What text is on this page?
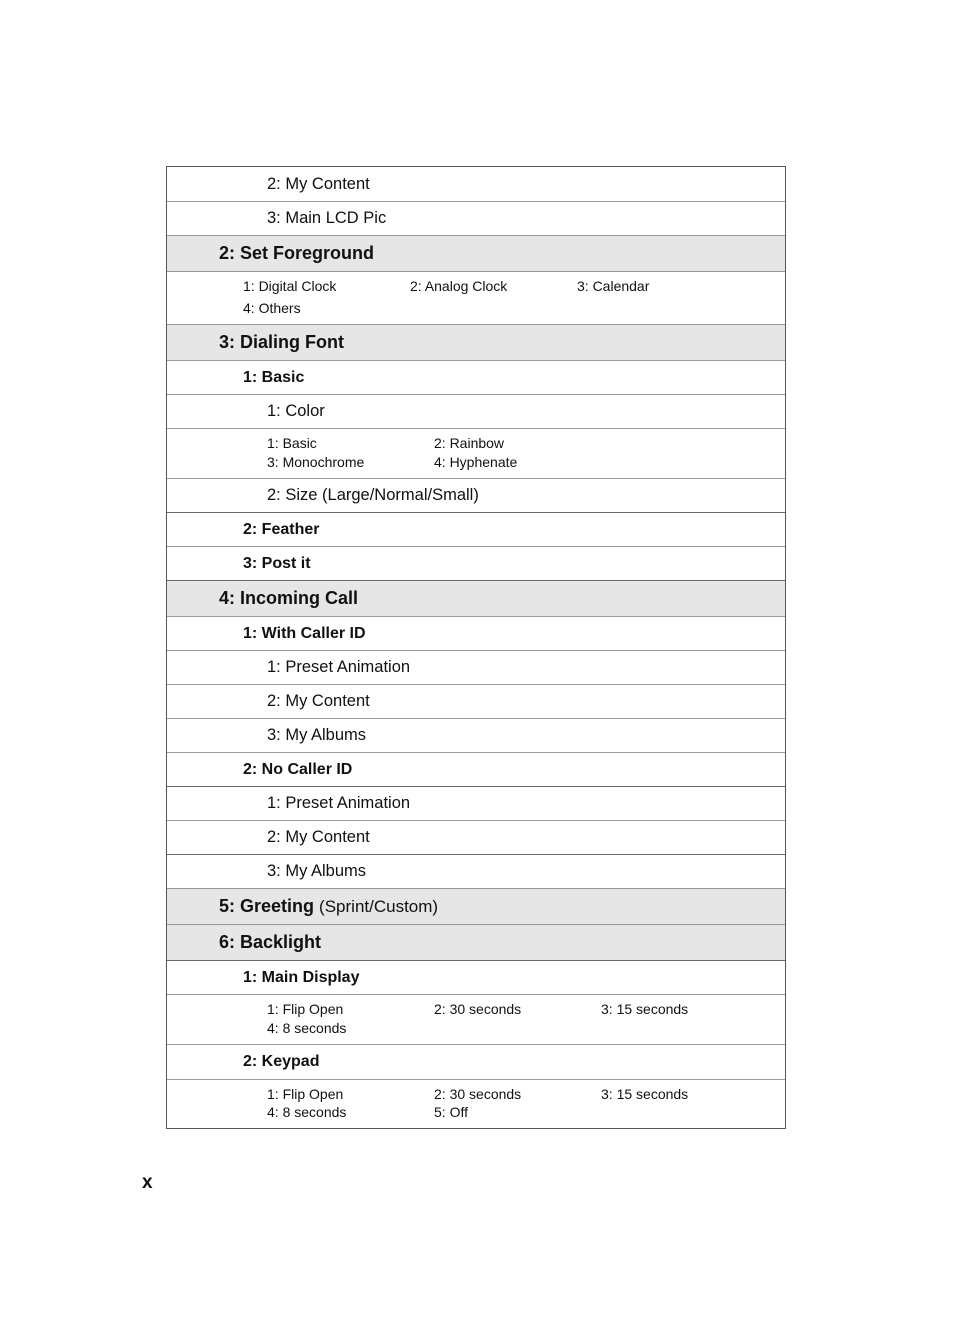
2: My Content
3: Main LCD Pic
2: Set Foreground
1: Digital Clock	2: Analog Clock	3: Calendar
4: Others
3: Dialing Font
1: Basic
1: Color
1: Basic	2: Rainbow
3: Monochrome	4: Hyphenate
2: Size (Large/Normal/Small)
2: Feather
3: Post it
4: Incoming Call
1: With Caller ID
1: Preset Animation
2: My Content
3: My Albums
2: No Caller ID
1: Preset Animation
2: My Content
3: My Albums
5: Greeting (Sprint/Custom)
6: Backlight
1: Main Display
1: Flip Open	2: 30 seconds	3: 15 seconds
4: 8 seconds
2: Keypad
1: Flip Open	2: 30 seconds	3: 15 seconds
4: 8 seconds	5: Off
x
